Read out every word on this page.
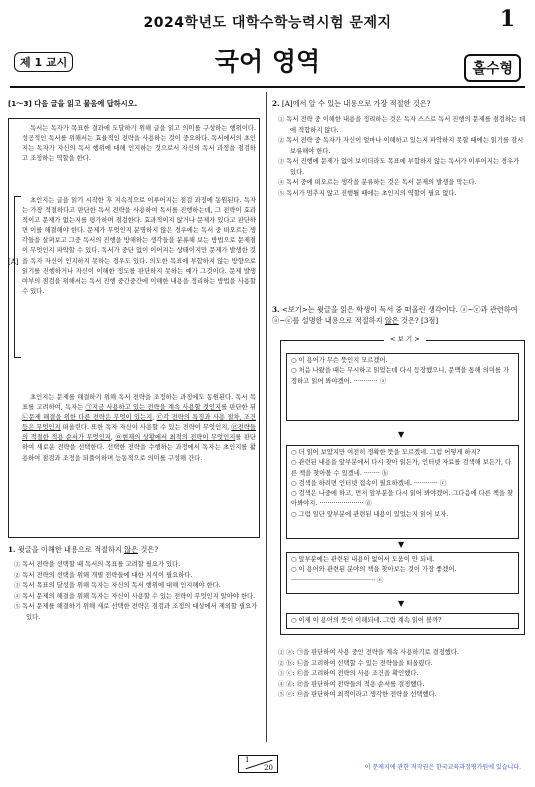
2024학년도 대학수학능력시험 문제지	1
제 1 교시	국어 영역	홀수형
[1～3] 다음 글을 읽고 물음에 답하시오.
독서는 독자가 목표한 결과에 도달하기 위해 글을 읽고 의미를 구성하는 행위이다. 성공적인 독서를 위해서는 효율적인 전략을 사용하는 것이 중요하다. 독서에서의 초인지는 독자가 자신의 독서 행위에 대해 인지하는 것으로서 자신의 독서 과정을 점검하고 조정하는 역할을 한다.
[A]
초인지는 글을 읽기 시작한 후 지속적으로 이루어지는 점검 과정에 동원된다. 독자는 가장 적절하다고 판단한 독서 전략을 사용하여 독서를 진행하는데, 그 전략이 효과적이고 문제가 없는지를 평가하며 점검한다. 효과적이지 않거나 문제가 있다고 판단하면 이를 해결해야 한다. 문제가 무엇인지 분명하지 않은 경우에는 독서 중 떠오르는 생각들을 살펴보고 그중 독서의 진행을 방해하는 생각들을 분류해 보는 방법으로 문제점이 무엇인지 파악할 수 있다. 독서가 중단 없이 이어지는 상태이지만 문제가 발생한 것을 독자 자신이 인지하지 못하는 경우도 있다. 의도한 목표에 부합하지 않는 방향으로 읽기를 진행하거나 자신이 이해한 정도를 판단하지 못하는 예가 그것이다. 문제 발생 여부의 점검을 위해서는 독서 진행 중간중간에 이해한 내용을 정리하는 방법을 사용할 수 있다.
초인지는 문제를 해결하기 위해 독서 전략을 조정하는 과정에도 동원된다. 독서 목표를 고려하여, 독자는 ㉠지금 사용하고 있는 전략을 계속 사용할 것인지를 판단한 뒤 ㉡문제 해결을 위한 다른 전략은 무엇이 있는지, ㉢각 전략의 특징과 사용 절차, 조건 등은 무엇인지 떠올린다. 또한 독자 자신이 사용할 수 있는 전략이 무엇인지, ㉣전략들의 적절한 적용 순서가 무엇인지, ㉤현재의 상황에서 최적의 전략이 무엇인지를 판단하여 새로운 전략을 선택한다. 선택한 전략을 수행하는 과정에서 독자는 초인지를 활용하여 점검과 조정을 되풀이하며 능동적으로 의미를 구성해 간다.
1. 윗글을 이해한 내용으로 적절하지 않은 것은?
① 독서 전략을 선택할 때 독서의 목표를 고려할 필요가 있다.
② 독서 전략의 선택을 위해 개별 전략들에 대한 지식이 필요하다.
③ 독서 목표의 달성을 위해 독자는 자신의 독서 행위에 대해 인지해야 한다.
④ 독서 문제의 해결을 위해 독자는 자신이 사용할 수 있는 전략이 무엇인지 알아야 한다.
⑤ 독서 문제를 해결하기 위해 새로 선택한 전략은 점검과 조정의 대상에서 제외할 필요가 있다.
2. [A]에서 알 수 있는 내용으로 가장 적절한 것은?
① 독서 전략 중 이해한 내용을 정리하는 것은 독자 스스로 독서 진행의 문제를 점검하는 데에 적합하지 않다.
② 독서 전략 중 독자가 자신이 얼마나 이해하고 있는지 파악하지 못할 때에는 읽기를 잠시 보류해야 한다.
③ 독서 진행에 문제가 없어 보이더라도 목표에 부합하지 않는 독서가 이루어지는 경우가 있다.
④ 독서 중에 떠오르는 생각을 분류하는 것은 독서 문제의 발생을 막는다.
⑤ 독서가 멈추지 않고 진행될 때에는 초인지의 역할이 필요 없다.
3. <보기>는 윗글을 읽은 학생이 독서 중 떠올린 생각이다. ⓐ~ⓔ과 관련하여 ⓐ~ⓔ를 설명한 내용으로 적절하지 않은 것은? [3점]
< 보 기 >
○ 이 용어가 무슨 뜻인지 모르겠어.
○ 처음 나왔을 때는 무시하고 읽었는데 다시 등장했으니, 문맥을 통해 의미를 가정하고 읽어 봐야겠어. ············ ⓐ
▼
○ 더 읽어 보았지만 여전히 정확한 뜻을 모르겠네. 그럼 어떻게 하지?
○ 관련된 내용을 앞부분에서 다시 찾아 읽든가, 인터넷 자료를 검색해 보든가, 다른 책을 찾아볼 수 있겠네. ········ ⓑ
○ 검색을 하려면 인터넷 접속이 필요하겠네. ············ ⓒ
○ 검색은 나중에 하고, 먼저 앞부분을 다시 읽어 봐야겠어. 그다음에 다른 책을 찾아봐야지. ······················ ⓓ
○ 그럼 일단 앞부분에 관련된 내용이 있었는지 읽어 보자.
▼
○ 앞부분에는 관련된 내용이 없어서 도움이 안 되네.
○ 이 용어와 관련된 분야의 책을 찾아보는 것이 가장 좋겠어. ·········································· ⓔ
▼
○ 이제 이 용어의 뜻이 이해되네. 그럼 계속 읽어 볼까?
① ⓐ: ㉠을 판단하여 사용 중인 전략을 계속 사용하기로 결정했다.
② ⓑ: ㉡을 고려하여 선택할 수 있는 전략들을 떠올렸다.
③ ⓒ: ㉢을 고려하여 전략의 사용 조건을 확인했다.
④ ⓓ: ㉣을 판단하여 전략들의 적용 순서를 결정했다.
⑤ ⓔ: ㉤을 판단하여 최적이라고 생각한 전략을 선택했다.
1
20	이 문제지에 관한 저작권은 한국교육과정평가원에 있습니다.
